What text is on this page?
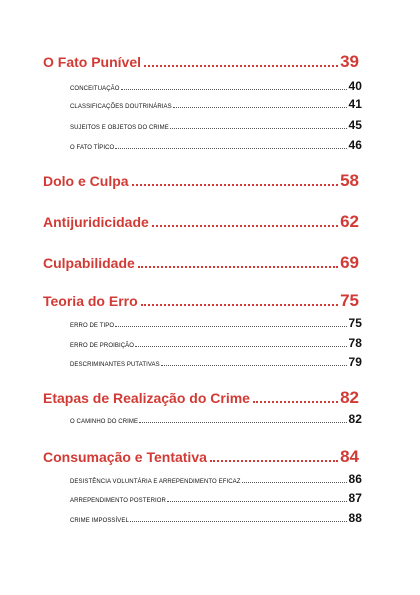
O Fato Punível	39
CONCEITUAÇÃO	40
CLASSIFICAÇÕES DOUTRINÁRIAS	41
SUJEITOS E OBJETOS DO CRIME	45
O FATO TÍPICO	46
Dolo e Culpa	58
Antijuridicidade	62
Culpabilidade	69
Teoria do Erro	75
ERRO DE TIPO	75
ERRO DE PROIBIÇÃO	78
DESCRIMINANTES PUTATIVAS	79
Etapas de Realização do Crime	82
O CAMINHO DO CRIME	82
Consumação e Tentativa	84
DESISTÊNCIA VOLUNTÁRIA E ARREPENDIMENTO EFICAZ	86
ARREPENDIMENTO POSTERIOR	87
CRIME IMPOSSÍVEL	88
